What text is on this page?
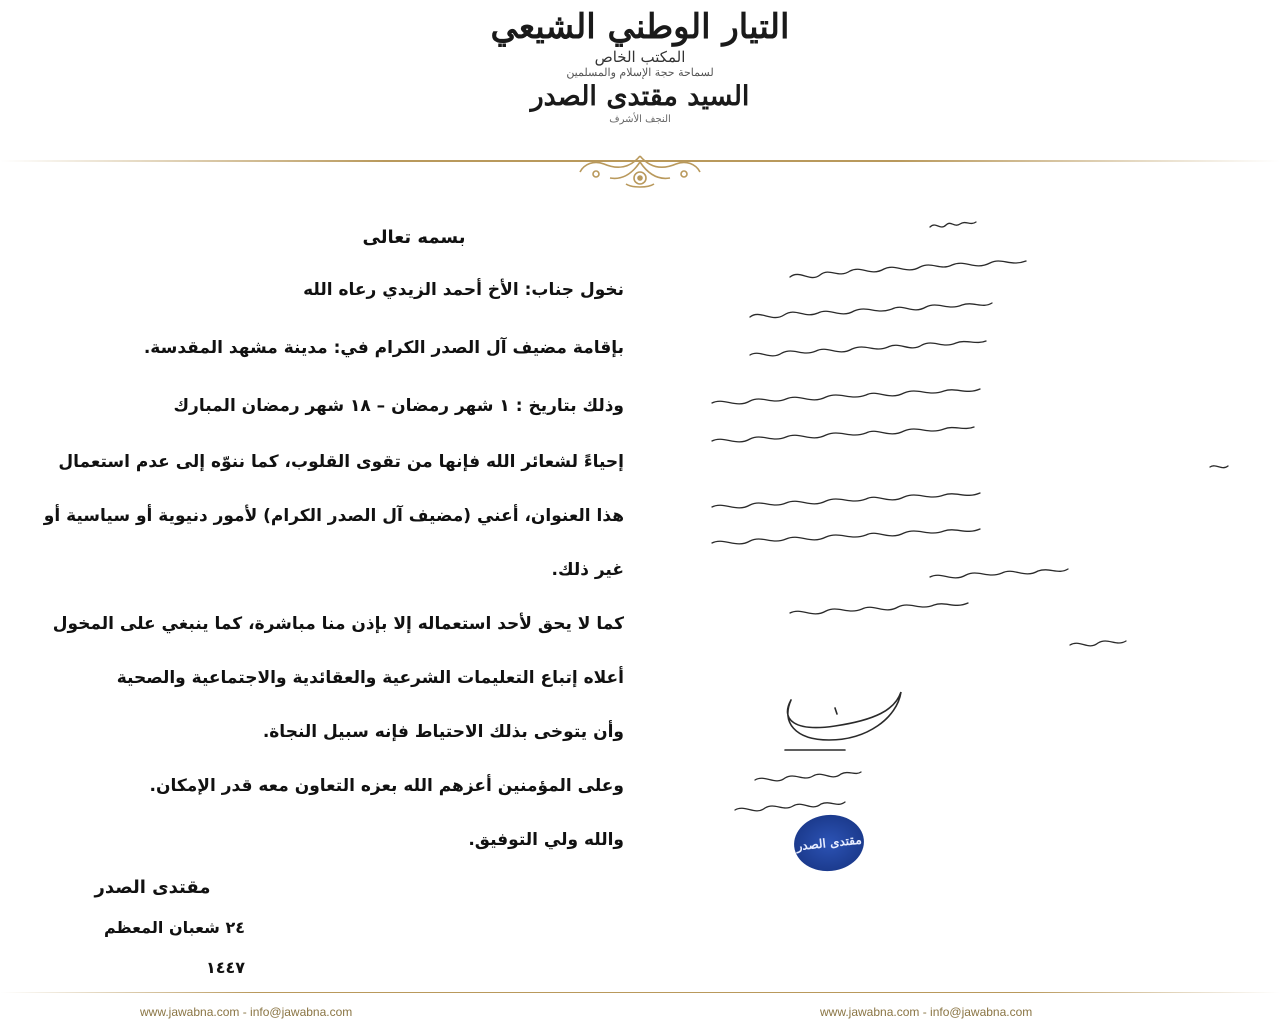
التيار الوطني الشيعي
المكتب الخاص
لسماحة حجة الإسلام والمسلمين
السيد مقتدى الصدر
النجف الأشرف
بسمه تعالى

نخول جناب: الأخ أحمد الزيدي رعاه الله

بإقامة مضيف آل الصدر الكرام في: مدينة مشهد المقدسة.

وذلك بتاريخ : ١ شهر رمضان – ١٨ شهر رمضان المبارك

إحياءً لشعائر الله فإنها من تقوى القلوب، كما ننوّه إلى عدم استعمال

هذا العنوان، أعني (مضيف آل الصدر الكرام) لأمور دنيوية أو سياسية أو

غير ذلك.

كما لا يحق لأحد استعماله إلا بإذن منا مباشرة، كما ينبغي على المخول

أعلاه إتباع التعليمات الشرعية والعقائدية والاجتماعية والصحية

وأن يتوخى بذلك الاحتياط فإنه سبيل النجاة.

وعلى المؤمنين أعزهم الله بعزه التعاون معه قدر الإمكان.

والله ولي التوفيق.

مقتدى الصدر
٢٤ شعبان المعظم ١٤٤٧
مقتدى الصدر
www.jawabna.com - info@jawabna.com	www.jawabna.com - info@jawabna.com
